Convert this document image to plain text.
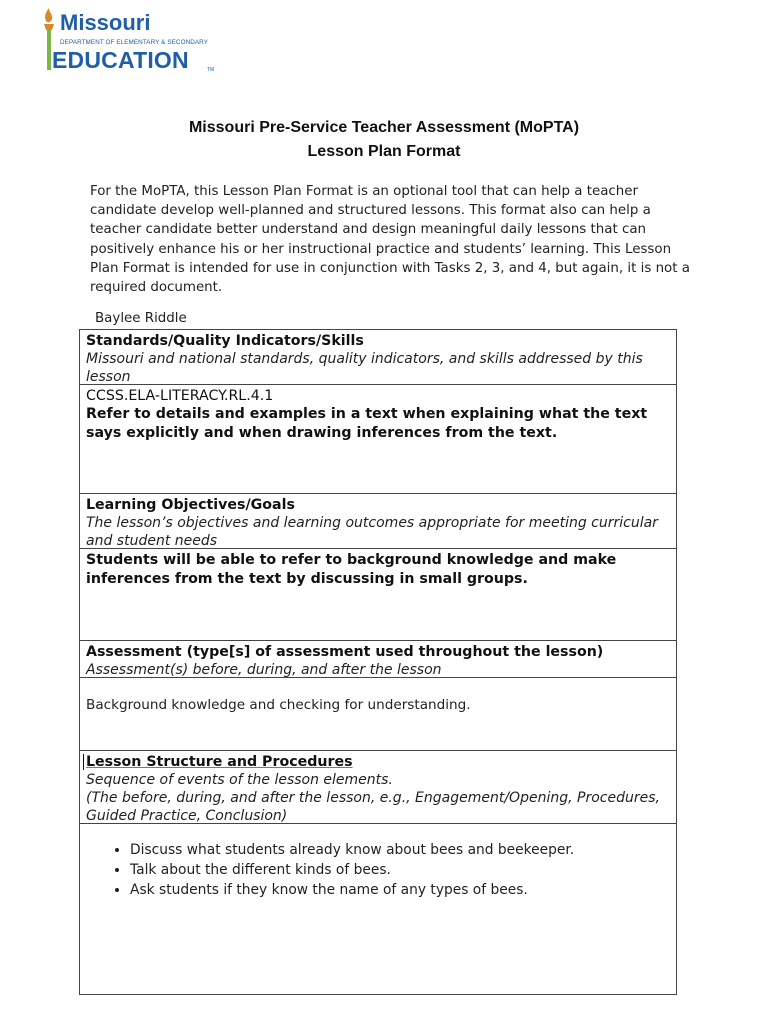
Missouri
DEPARTMENT OF ELEMENTARY & SECONDARY
EDUCATION	TM
Missouri Pre-Service Teacher Assessment (MoPTA)
Lesson Plan Format
For the MoPTA, this Lesson Plan Format is an optional tool that can help a teacher candidate develop well-planned and structured lessons. This format also can help a teacher candidate better understand and design meaningful daily lessons that can positively enhance his or her instructional practice and students’ learning. This Lesson Plan Format is intended for use in conjunction with Tasks 2, 3, and 4, but again, it is not a required document.
Baylee Riddle
Standards/Quality Indicators/Skills
Missouri and national standards, quality indicators, and skills addressed by this lesson
CCSS.ELA-LITERACY.RL.4.1
Refer to details and examples in a text when explaining what the text says explicitly and when drawing inferences from the text.
Learning Objectives/Goals
The lesson’s objectives and learning outcomes appropriate for meeting curricular and student needs
Students will be able to refer to background knowledge and make inferences from the text by discussing in small groups.
Assessment (type[s] of assessment used throughout the lesson)
Assessment(s) before, during, and after the lesson
Background knowledge and checking for understanding.
Lesson Structure and Procedures
Sequence of events of the lesson elements.
(The before, during, and after the lesson, e.g., Engagement/Opening, Procedures, Guided Practice, Conclusion)
• Discuss what students already know about bees and beekeeper.
• Talk about the different kinds of bees.
• Ask students if they know the name of any types of bees.
